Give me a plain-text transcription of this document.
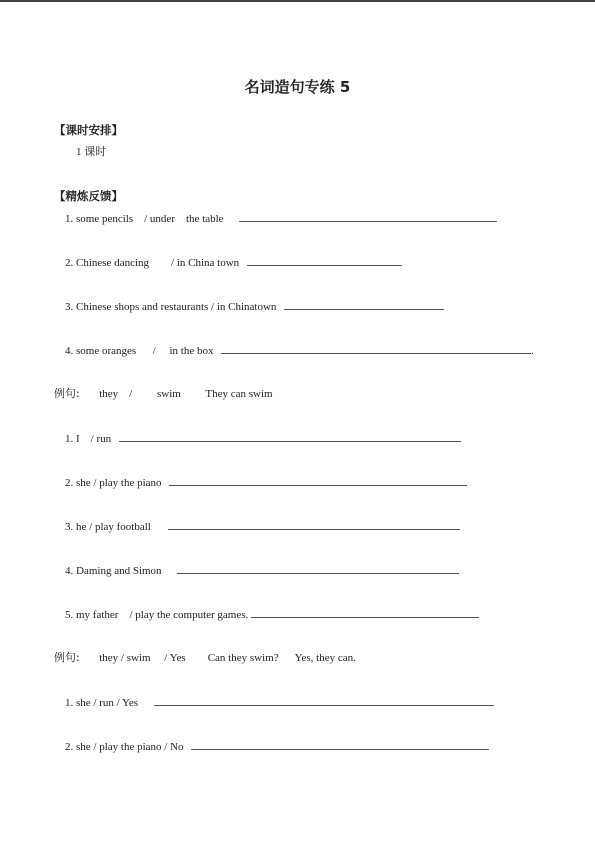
名词造句专练 5
【课时安排】
1 课时
【精炼反馈】
1. some pencils    / under    the table
2. Chinese dancing        / in China town
3. Chinese shops and restaurants / in Chinatown
4. some oranges      /     in the box	.
例句: they    /         swim         They can swim
1. I    / run
2. she / play the piano
3. he / play football
4. Daming and Simon
5. my father    / play the computer games.
例句: they / swim     / Yes        Can they swim?      Yes, they can.
1. she / run / Yes
2. she / play the piano / No
